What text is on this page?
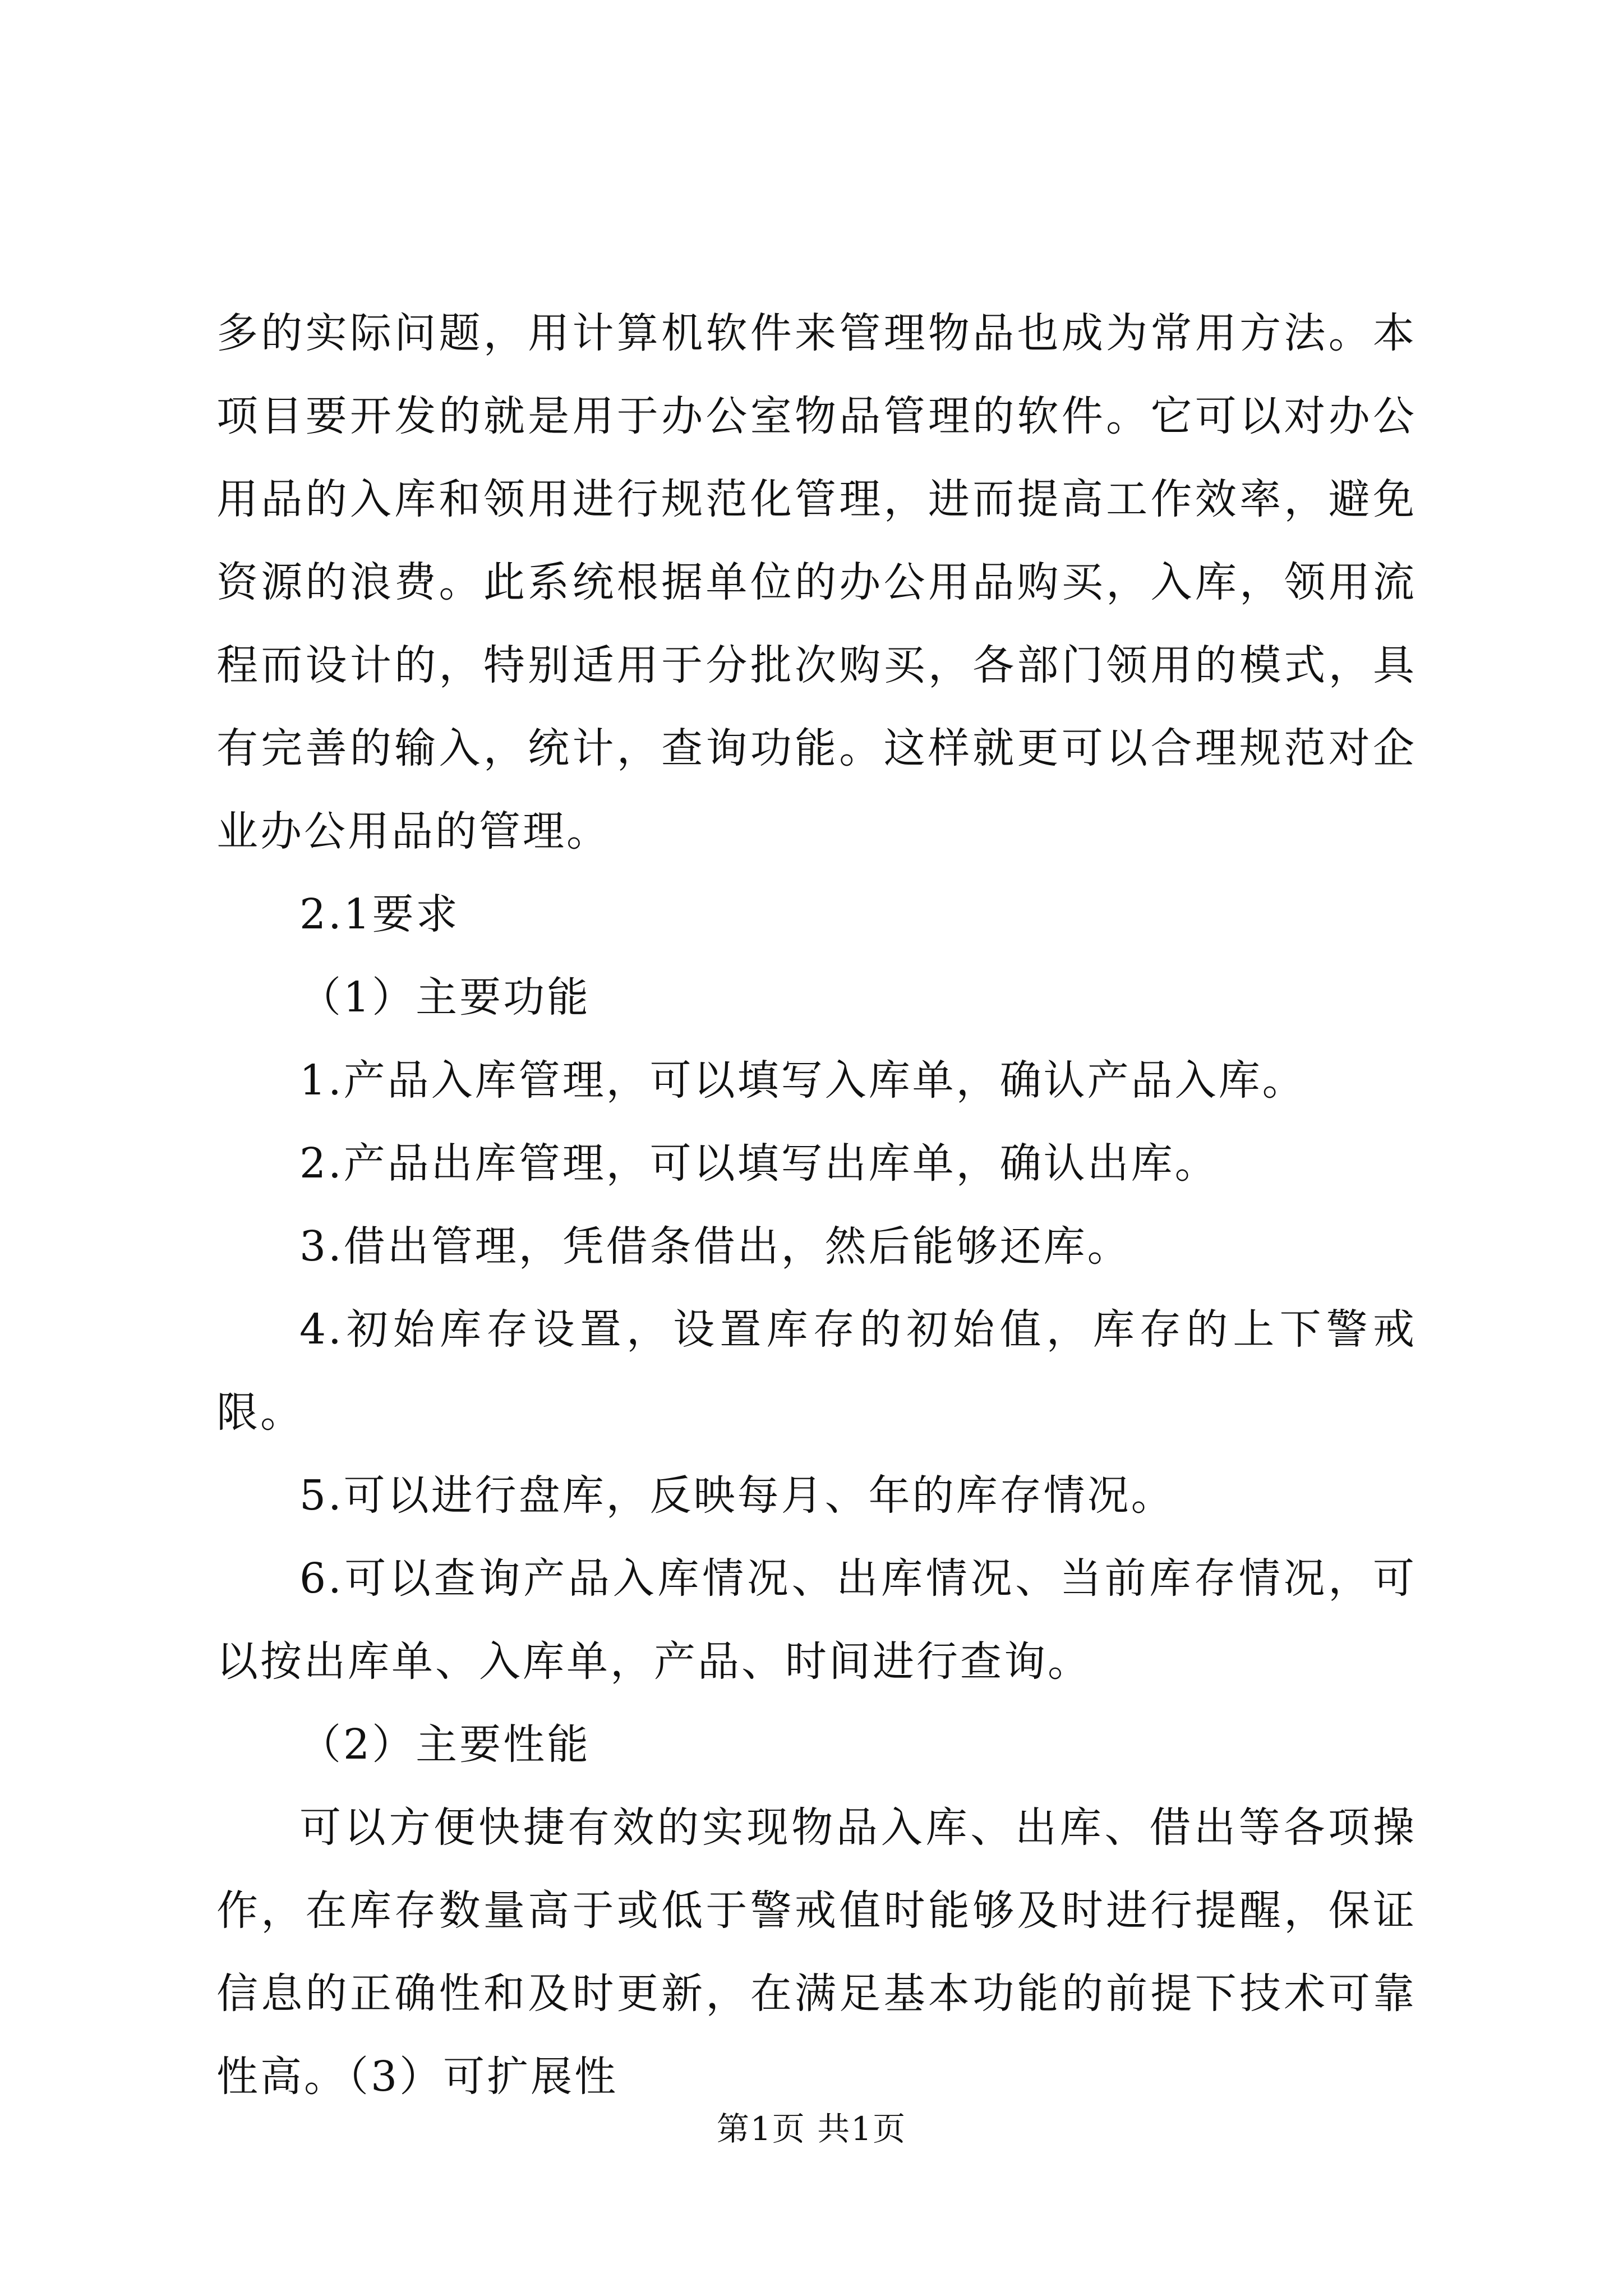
多的实际问题，用计算机软件来管理物品也成为常用方法。本项目要开发的就是用于办公室物品管理的软件。它可以对办公用品的入库和领用进行规范化管理，进而提高工作效率，避免资源的浪费。此系统根据单位的办公用品购买，入库，领用流程而设计的，特别适用于分批次购买，各部门领用的模式，具有完善的输入，统计，查询功能。这样就更可以合理规范对企业办公用品的管理。

2.1要求

（1）主要功能

1.产品入库管理，可以填写入库单，确认产品入库。

2.产品出库管理，可以填写出库单，确认出库。

3.借出管理，凭借条借出，然后能够还库。

4.初始库存设置，设置库存的初始值，库存的上下警戒限。

5.可以进行盘库，反映每月、年的库存情况。

6.可以查询产品入库情况、出库情况、当前库存情况，可以按出库单、入库单，产品、时间进行查询。

（2）主要性能

可以方便快捷有效的实现物品入库、出库、借出等各项操作，在库存数量高于或低于警戒值时能够及时进行提醒，保证信息的正确性和及时更新，在满足基本功能的前提下技术可靠性高。（3）可扩展性

第1页 共1页
